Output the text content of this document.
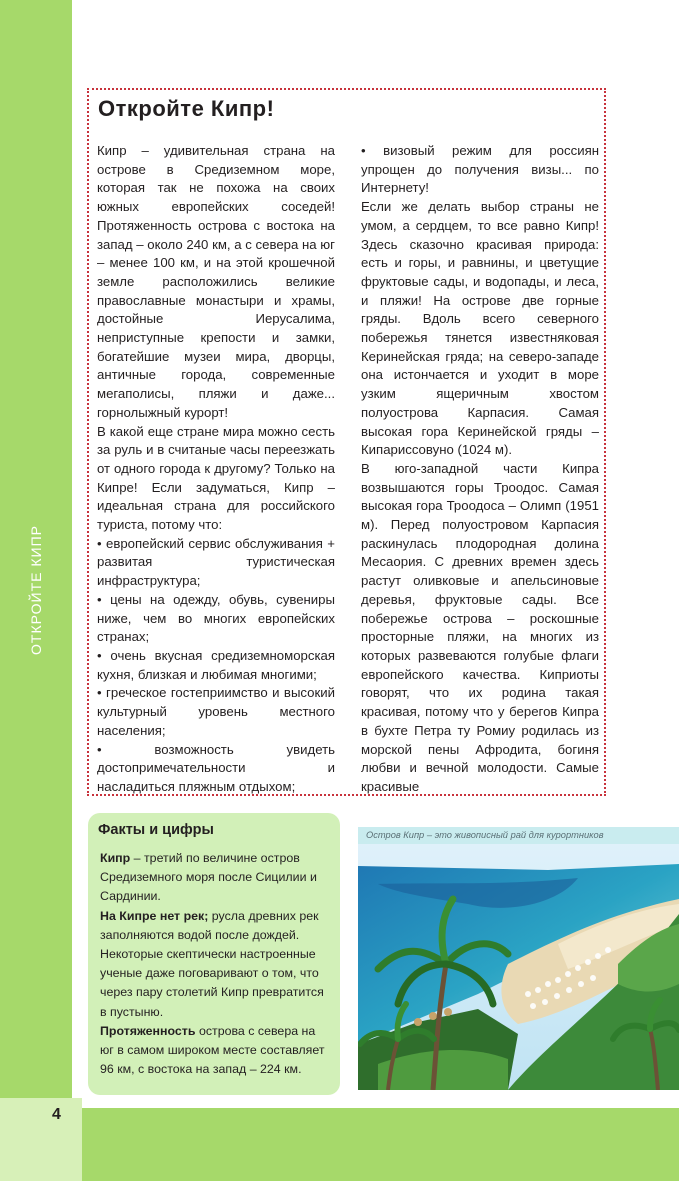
ОТКРОЙТЕ КИПР
4
Откройте Кипр!

Кипр – удивительная страна на острове в Средиземном море, которая так не похожа на своих южных европейских соседей! Протяженность острова с востока на запад – около 240 км, а с севера на юг – менее 100 км, и на этой крошечной земле расположились великие православные монастыри и храмы, достойные Иерусалима, неприступные крепости и замки, богатейшие музеи мира, дворцы, античные города, современные мегаполисы, пляжи и даже... горнолыжный курорт!

В какой еще стране мира можно сесть за руль и в считаные часы переезжать от одного города к другому? Только на Кипре! Если задуматься, Кипр – идеальная страна для российского туриста, потому что:

• европейский сервис обслуживания + развитая туристическая инфраструктура;

• цены на одежду, обувь, сувениры ниже, чем во многих европейских странах;

• очень вкусная средиземноморская кухня, близкая и любимая многими;

• греческое гостеприимство и высокий культурный уровень местного населения;

• возможность увидеть достопримечательности и насладиться пляжным отдыхом;

• визовый режим для россиян упрощен до получения визы... по Интернету!

Если же делать выбор страны не умом, а сердцем, то все равно Кипр! Здесь сказочно красивая природа: есть и горы, и равнины, и цветущие фруктовые сады, и водопады, и леса, и пляжи! На острове две горные гряды. Вдоль всего северного побережья тянется известняковая Керинейская гряда; на северо-западе она истончается и уходит в море узким ящеричным хвостом полуострова Карпасия. Самая высокая гора Керинейской гряды – Кипариссовуно (1024 м).

В юго-западной части Кипра возвышаются горы Троодос. Самая высокая гора Троодоса – Олимп (1951 м). Перед полуостровом Карпасия раскинулась плодородная долина Месаория. С древних времен здесь растут оливковые и апельсиновые деревья, фруктовые сады. Все побережье острова – роскошные просторные пляжи, на многих из которых развеваются голубые флаги европейского качества. Киприоты говорят, что их родина такая красивая, потому что у берегов Кипра в бухте Петра ту Ромиу родилась из морской пены Афродита, богиня любви и вечной молодости. Самые красивые

Факты и цифры

Кипр – третий по величине остров Средиземного моря после Сицилии и Сардинии.

На Кипре нет рек; русла древних рек заполняются водой после дождей. Некоторые скептически настроенные ученые даже поговаривают о том, что через пару столетий Кипр превратится в пустыню.

Протяженность острова с севера на юг в самом широком месте составляет 96 км, с востока на запад – 224 км.

Остров Кипр – это живописный рай для курортников
